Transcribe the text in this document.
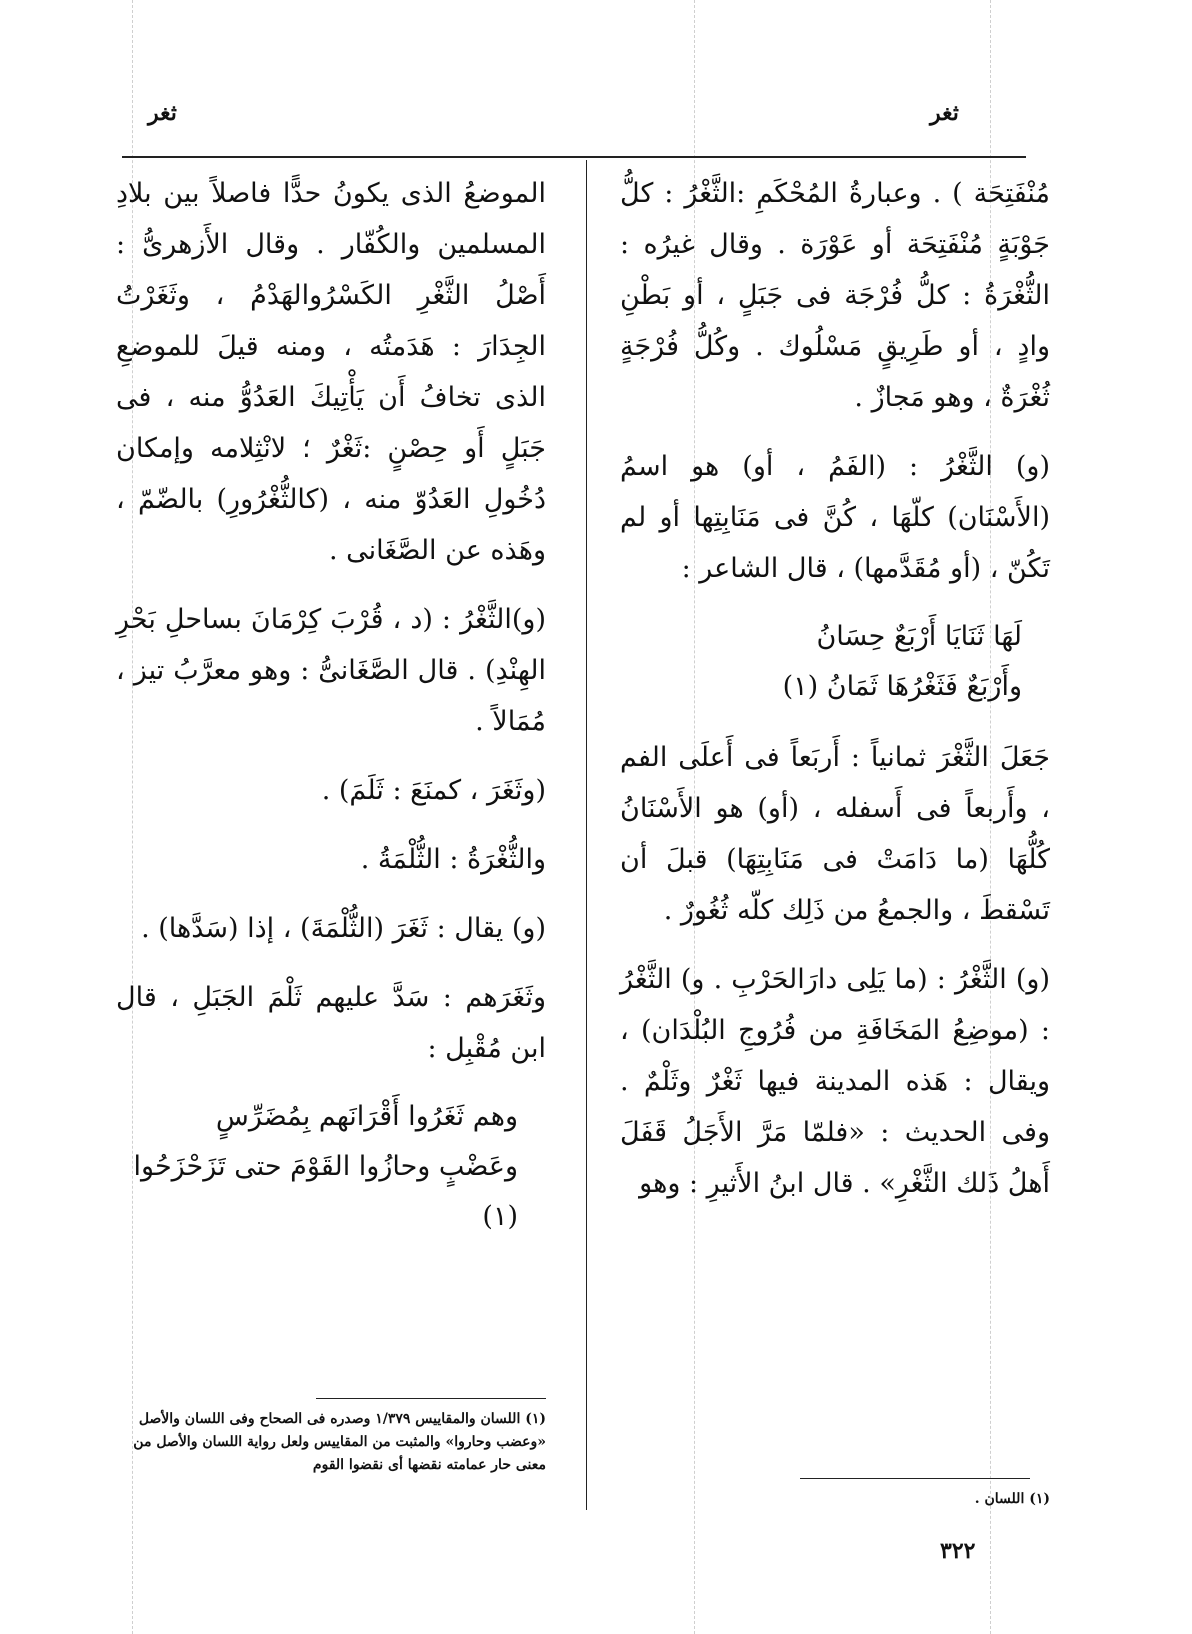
ثغر
ثغر

مُنْفَتِحَة ) . وعبارةُ المُحْكَمِ :الثَّغْرُ : كلُّ جَوْبَةٍ مُنْفَتِحَة أو عَوْرَة . وقال غيرُه : الثُّغْرَةُ : كلُّ فُرْجَة فى جَبَلٍ ، أو بَطْنِ وادٍ ، أو طَرِيقٍ مَسْلُوك . وكُلُّ فُرْجَةٍ ثُغْرَةٌ ، وهو مَجازٌ .

(و) الثَّغْرُ : (الفَمُ ، أو) هو اسمُ (الأَسْنَان) كلّهَا ، كُنَّ فى مَنَابِتِها أو لم تَكُنّ ، (أو مُقَدَّمها) ، قال الشاعر :

لَهَا ثَنَايَا أَرْبَعٌ حِسَانُ
وأَرْبَعٌ فَثَغْرُهَا ثَمَانُ (١)

جَعَلَ الثَّغْرَ ثمانياً : أَربَعاً فى أَعلَى الفم ، وأَربعاً فى أَسفله ، (أو) هو الأَسْنَانُ كُلُّهَا (ما دَامَتْ فى مَنَابِتِهَا) قبلَ أن تَسْقطَ ، والجمعُ من ذَلِك كلّه ثُغُورٌ .

(و) الثَّغْرُ : (ما يَلِى دارَالحَرْبِ . و) الثَّغْرُ : (موضِعُ المَخَافَةِ من فُرُوجِ البُلْدَان) ، ويقال : هَذه المدينة فيها ثَغْرٌ وثَلْمٌ . وفى الحديث : «فلمّا مَرَّ الأَجَلُ قَفَلَ أَهلُ ذَلك الثَّغْرِ» . قال ابنُ الأَثيرِ : وهو

الموضعُ الذى يكونُ حدًّا فاصلاً بين بلادِ المسلمين والكُفّار . وقال الأَزهرىُّ : أَصْلُ الثَّغْرِ الكَسْرُوالهَدْمُ ، وثَغَرْتُ الجِدَارَ : هَدَمتُه ، ومنه قيلَ للموضعِ الذى تخافُ أَن يَأْتِيكَ العَدُوُّ منه ، فى جَبَلٍ أَو حِصْنٍ :ثَغْرٌ ؛ لانْثِلامه وإمكان دُخُولِ العَدُوّ منه ، (كالثُّغْرُورِ) بالضّمّ ، وهَذه عن الصَّغَانى .

(و)الثَّغْرُ : (د ، قُرْبَ كِرْمَانَ بساحلِ بَحْرِ الهِنْدِ) . قال الصَّغَانىُّ : وهو معرَّبُ تيز ، مُمَالاً .

(وثَغَرَ ، كمنَعَ : ثَلَمَ) .

والثُّغْرَةُ : الثُّلْمَةُ .

(و) يقال : ثَغَرَ (الثُّلْمَةَ) ، إذا (سَدَّها) .

وثَغَرَهم : سَدَّ عليهم ثَلْمَ الجَبَلِ ، قال ابن مُقْبِل :

وهم ثَغَرُوا أَقْرَانَهم بِمُضَرِّسٍ
وعَضْبٍ وحازُوا القَوْمَ حتى تَزَحْزَحُوا (١)
(١) اللسان .
(١) اللسان والمقاييس ١/٣٧٩ وصدره فى الصحاح وفى اللسان والأصل «وعضب وحاروا» والمثبت من المقاييس ولعل رواية اللسان والأصل من معنى حار عمامته نقضها أى نقضوا القوم
٣٢٢
